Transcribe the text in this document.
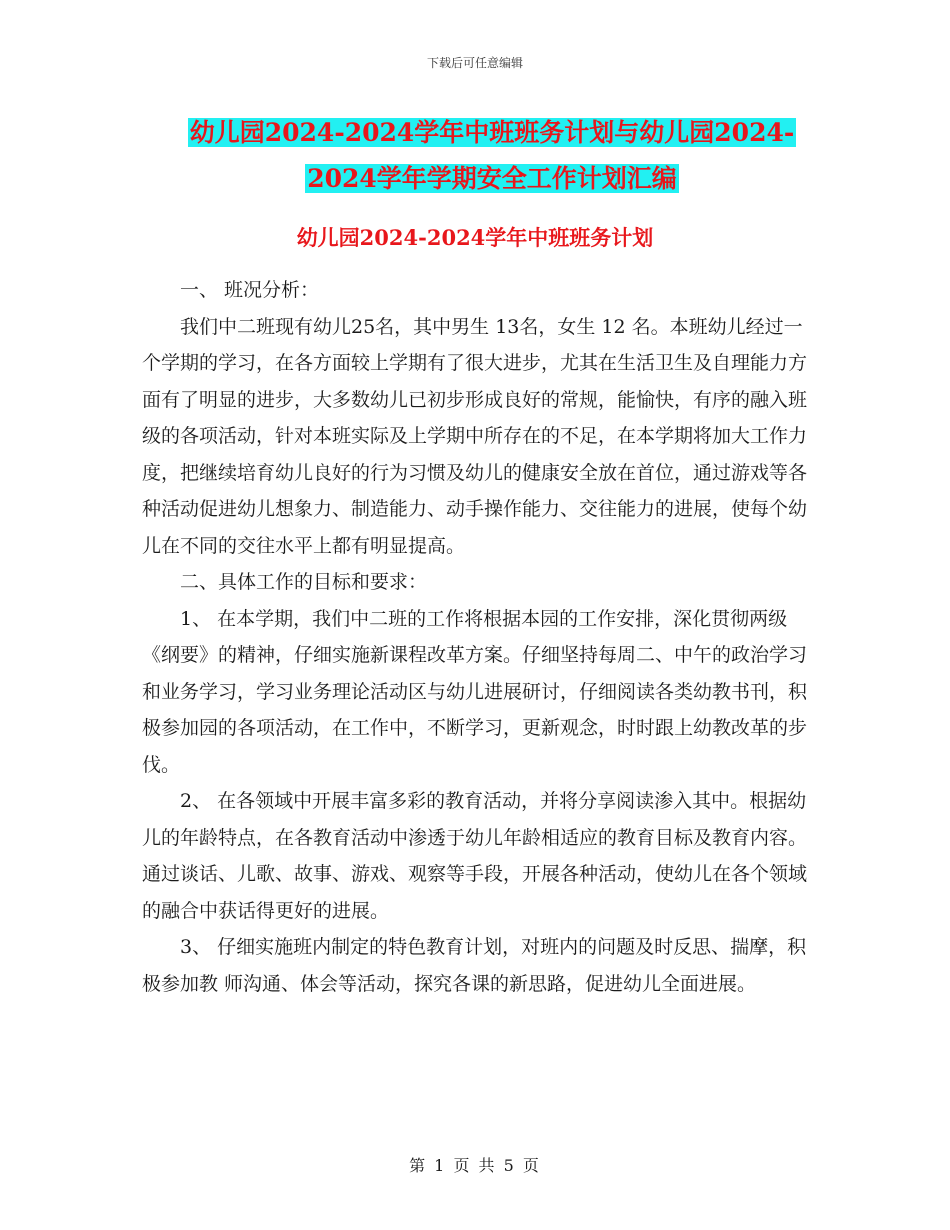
下载后可任意编辑
幼儿园2024-2024学年中班班务计划与幼儿园2024-
2024学年学期安全工作计划汇编
幼儿园2024-2024学年中班班务计划

一、 班况分析：

我们中二班现有幼儿25名，其中男生 13名，女生 12 名。本班幼儿经过一个学期的学习，在各方面较上学期有了很大进步，尤其在生活卫生及自理能力方面有了明显的进步，大多数幼儿已初步形成良好的常规，能愉快，有序的融入班级的各项活动，针对本班实际及上学期中所存在的不足，在本学期将加大工作力度，把继续培育幼儿良好的行为习惯及幼儿的健康安全放在首位，通过游戏等各种活动促进幼儿想象力、制造能力、动手操作能力、交往能力的进展，使每个幼儿在不同的交往水平上都有明显提高。

二、具体工作的目标和要求：

1、 在本学期，我们中二班的工作将根据本园的工作安排，深化贯彻两级《纲要》的精神，仔细实施新课程改革方案。仔细坚持每周二、中午的政治学习和业务学习，学习业务理论活动区与幼儿进展研讨，仔细阅读各类幼教书刊，积极参加园的各项活动，在工作中，不断学习，更新观念，时时跟上幼教改革的步伐。

2、 在各领域中开展丰富多彩的教育活动，并将分享阅读渗入其中。根据幼儿的年龄特点，在各教育活动中渗透于幼儿年龄相适应的教育目标及教育内容。通过谈话、儿歌、故事、游戏、观察等手段，开展各种活动，使幼儿在各个领域的融合中获话得更好的进展。

3、 仔细实施班内制定的特色教育计划，对班内的问题及时反思、揣摩，积极参加教 师沟通、体会等活动，探究各课的新思路，促进幼儿全面进展。

第 1 页 共 5 页
